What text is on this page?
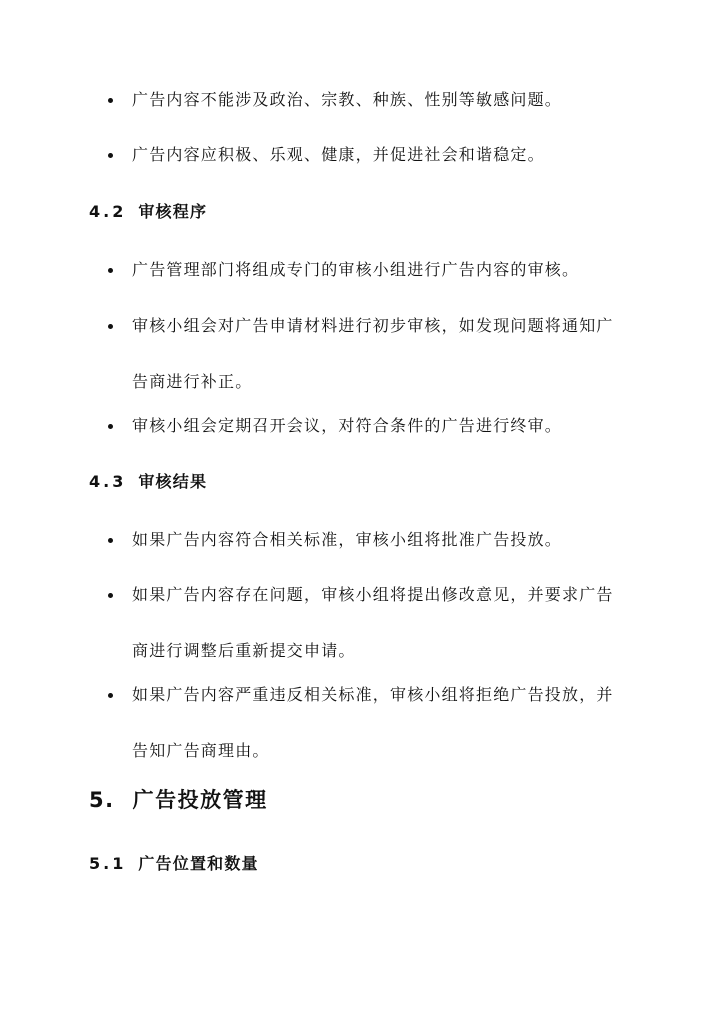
广告内容不能涉及政治、宗教、种族、性别等敏感问题。
广告内容应积极、乐观、健康，并促进社会和谐稳定。
4.2 审核程序
广告管理部门将组成专门的审核小组进行广告内容的审核。
审核小组会对广告申请材料进行初步审核，如发现问题将通知广告商进行补正。
审核小组会定期召开会议，对符合条件的广告进行终审。
4.3 审核结果
如果广告内容符合相关标准，审核小组将批准广告投放。
如果广告内容存在问题，审核小组将提出修改意见，并要求广告商进行调整后重新提交申请。
如果广告内容严重违反相关标准，审核小组将拒绝广告投放，并告知广告商理由。
5. 广告投放管理
5.1 广告位置和数量
